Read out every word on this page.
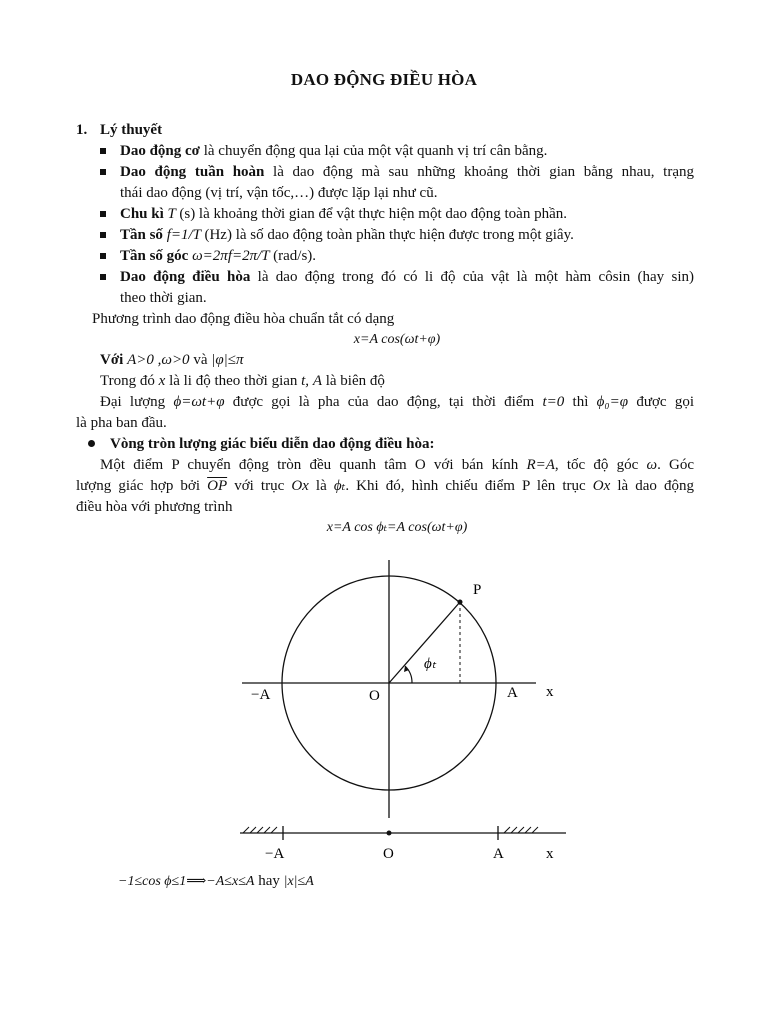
DAO ĐỘNG ĐIỀU HÒA
1. Lý thuyết
Dao động cơ là chuyển động qua lại của một vật quanh vị trí cân bằng.
Dao động tuần hoàn là dao động mà sau những khoảng thời gian bằng nhau, trạng
thái dao động (vị trí, vận tốc,…) được lặp lại như cũ.
Chu kì T (s) là khoảng thời gian để vật thực hiện một dao động toàn phần.
Tần số f=1/T (Hz) là số dao động toàn phần thực hiện được trong một giây.
Tần số góc ω=2πf=2π/T (rad/s).
Dao động điều hòa là dao động trong đó có li độ của vật là một hàm côsin (hay sin)
theo thời gian.
Phương trình dao động điều hòa chuẩn tắt có dạng
x=A cos(ωt+φ)
Với A>0 ,ω>0 và |φ|≤π
Trong đó x là li độ theo thời gian t, A là biên độ
Đại lượng ϕ=ωt+φ được gọi là pha của dao động, tại thời điểm t=0 thì ϕ₀=φ được gọi
là pha ban đầu.
Vòng tròn lượng giác biểu diễn dao động điều hòa:
Một điểm P chuyển động tròn đều quanh tâm O với bán kính R=A, tốc độ góc ω. Góc
lượng giác hợp bởi $\overline{OP}$ với trục Ox là ϕₜ. Khi đó, hình chiếu điểm P lên trục Ox là dao động
điều hòa với phương trình
x=A cos ϕₜ=A cos(ωt+φ)
P
ϕₜ
−A	O	A x
−A	O	A	x
−1≤cos ϕ≤1⟹−A≤x≤A hay |x|≤A
